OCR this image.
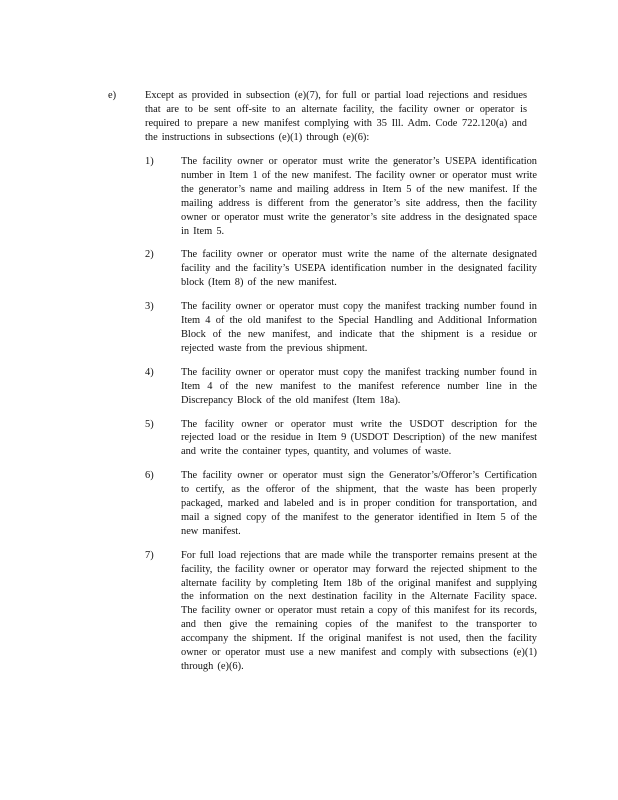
e)	Except as provided in subsection (e)(7), for full or partial load rejections and residues that are to be sent off-site to an alternate facility, the facility owner or operator is required to prepare a new manifest complying with 35 Ill. Adm. Code 722.120(a) and the instructions in subsections (e)(1) through (e)(6):
1)	The facility owner or operator must write the generator’s USEPA identification number in Item 1 of the new manifest. The facility owner or operator must write the generator’s name and mailing address in Item 5 of the new manifest. If the mailing address is different from the generator’s site address, then the facility owner or operator must write the generator’s site address in the designated space in Item 5.
2)	The facility owner or operator must write the name of the alternate designated facility and the facility’s USEPA identification number in the designated facility block (Item 8) of the new manifest.
3)	The facility owner or operator must copy the manifest tracking number found in Item 4 of the old manifest to the Special Handling and Additional Information Block of the new manifest, and indicate that the shipment is a residue or rejected waste from the previous shipment.
4)	The facility owner or operator must copy the manifest tracking number found in Item 4 of the new manifest to the manifest reference number line in the Discrepancy Block of the old manifest (Item 18a).
5)	The facility owner or operator must write the USDOT description for the rejected load or the residue in Item 9 (USDOT Description) of the new manifest and write the container types, quantity, and volumes of waste.
6)	The facility owner or operator must sign the Generator’s/Offeror’s Certification to certify, as the offeror of the shipment, that the waste has been properly packaged, marked and labeled and is in proper condition for transportation, and mail a signed copy of the manifest to the generator identified in Item 5 of the new manifest.
7)	For full load rejections that are made while the transporter remains present at the facility, the facility owner or operator may forward the rejected shipment to the alternate facility by completing Item 18b of the original manifest and supplying the information on the next destination facility in the Alternate Facility space. The facility owner or operator must retain a copy of this manifest for its records, and then give the remaining copies of the manifest to the transporter to accompany the shipment. If the original manifest is not used, then the facility owner or operator must use a new manifest and comply with subsections (e)(1) through (e)(6).
